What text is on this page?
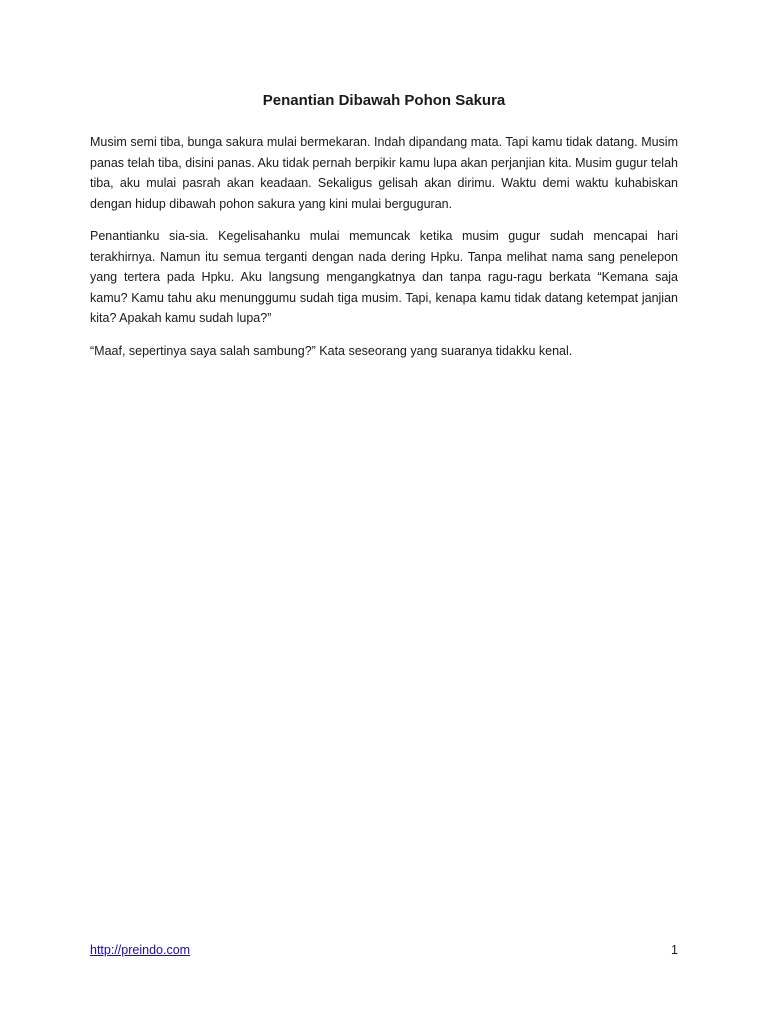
Penantian Dibawah Pohon Sakura

Musim semi tiba, bunga sakura mulai bermekaran. Indah dipandang mata. Tapi kamu tidak datang. Musim panas telah tiba, disini panas. Aku tidak pernah berpikir kamu lupa akan perjanjian kita. Musim gugur telah tiba, aku mulai pasrah akan keadaan. Sekaligus gelisah akan dirimu. Waktu demi waktu kuhabiskan dengan hidup dibawah pohon sakura yang kini mulai berguguran.

Penantianku sia-sia. Kegelisahanku mulai memuncak ketika musim gugur sudah mencapai hari terakhirnya. Namun itu semua terganti dengan nada dering Hpku. Tanpa melihat nama sang penelepon yang tertera pada Hpku. Aku langsung mengangkatnya dan tanpa ragu-ragu berkata “Kemana saja kamu? Kamu tahu aku menunggumu sudah tiga musim. Tapi, kenapa kamu tidak datang ketempat janjian kita? Apakah kamu sudah lupa?”

“Maaf, sepertinya saya salah sambung?” Kata seseorang yang suaranya tidakku kenal.

http://preindo.com	1
